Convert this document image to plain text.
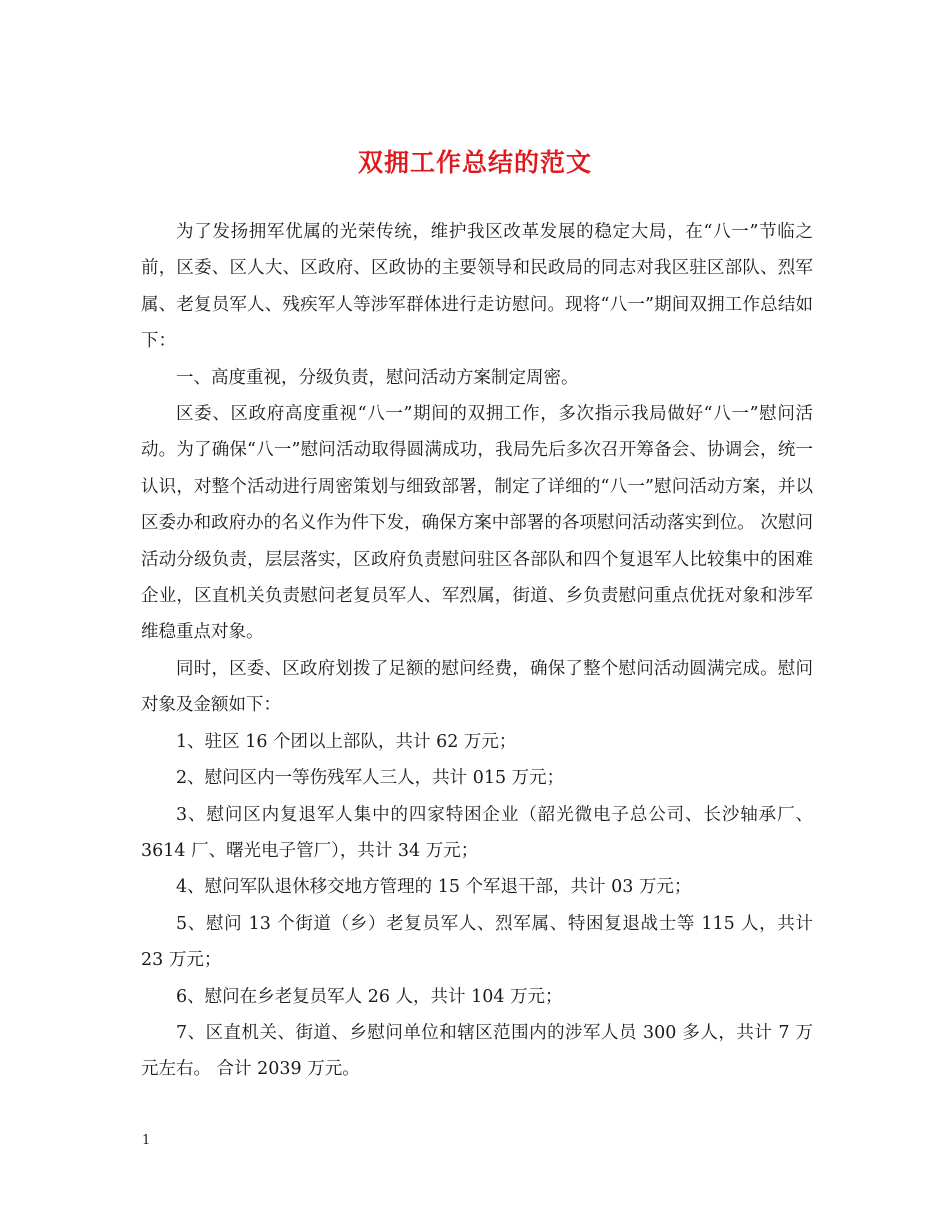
双拥工作总结的范文

为了发扬拥军优属的光荣传统，维护我区改革发展的稳定大局，在“八一”节临之前，区委、区人大、区政府、区政协的主要领导和民政局的同志对我区驻区部队、烈军属、老复员军人、残疾军人等涉军群体进行走访慰问。现将“八一”期间双拥工作总结如下：

一、高度重视，分级负责，慰问活动方案制定周密。

区委、区政府高度重视“八一”期间的双拥工作，多次指示我局做好“八一”慰问活动。为了确保“八一”慰问活动取得圆满成功，我局先后多次召开筹备会、协调会，统一认识，对整个活动进行周密策划与细致部署，制定了详细的“八一”慰问活动方案，并以区委办和政府办的名义作为件下发，确保方案中部署的各项慰问活动落实到位。 次慰问活动分级负责，层层落实，区政府负责慰问驻区各部队和四个复退军人比较集中的困难企业，区直机关负责慰问老复员军人、军烈属，街道、乡负责慰问重点优抚对象和涉军维稳重点对象。

同时，区委、区政府划拨了足额的慰问经费，确保了整个慰问活动圆满完成。慰问对象及金额如下：

1、驻区 16 个团以上部队，共计 62 万元；

2、慰问区内一等伤残军人三人，共计 015 万元；

3、慰问区内复退军人集中的四家特困企业（韶光微电子总公司、长沙轴承厂、3614 厂、曙光电子管厂），共计 34 万元；

4、慰问军队退休移交地方管理的 15 个军退干部，共计 03 万元；

5、慰问 13 个街道（乡）老复员军人、烈军属、特困复退战士等 115 人，共计 23 万元；

6、慰问在乡老复员军人 26 人，共计 104 万元；

7、区直机关、街道、乡慰问单位和辖区范围内的涉军人员 300 多人，共计 7 万元左右。 合计 2039 万元。

1
